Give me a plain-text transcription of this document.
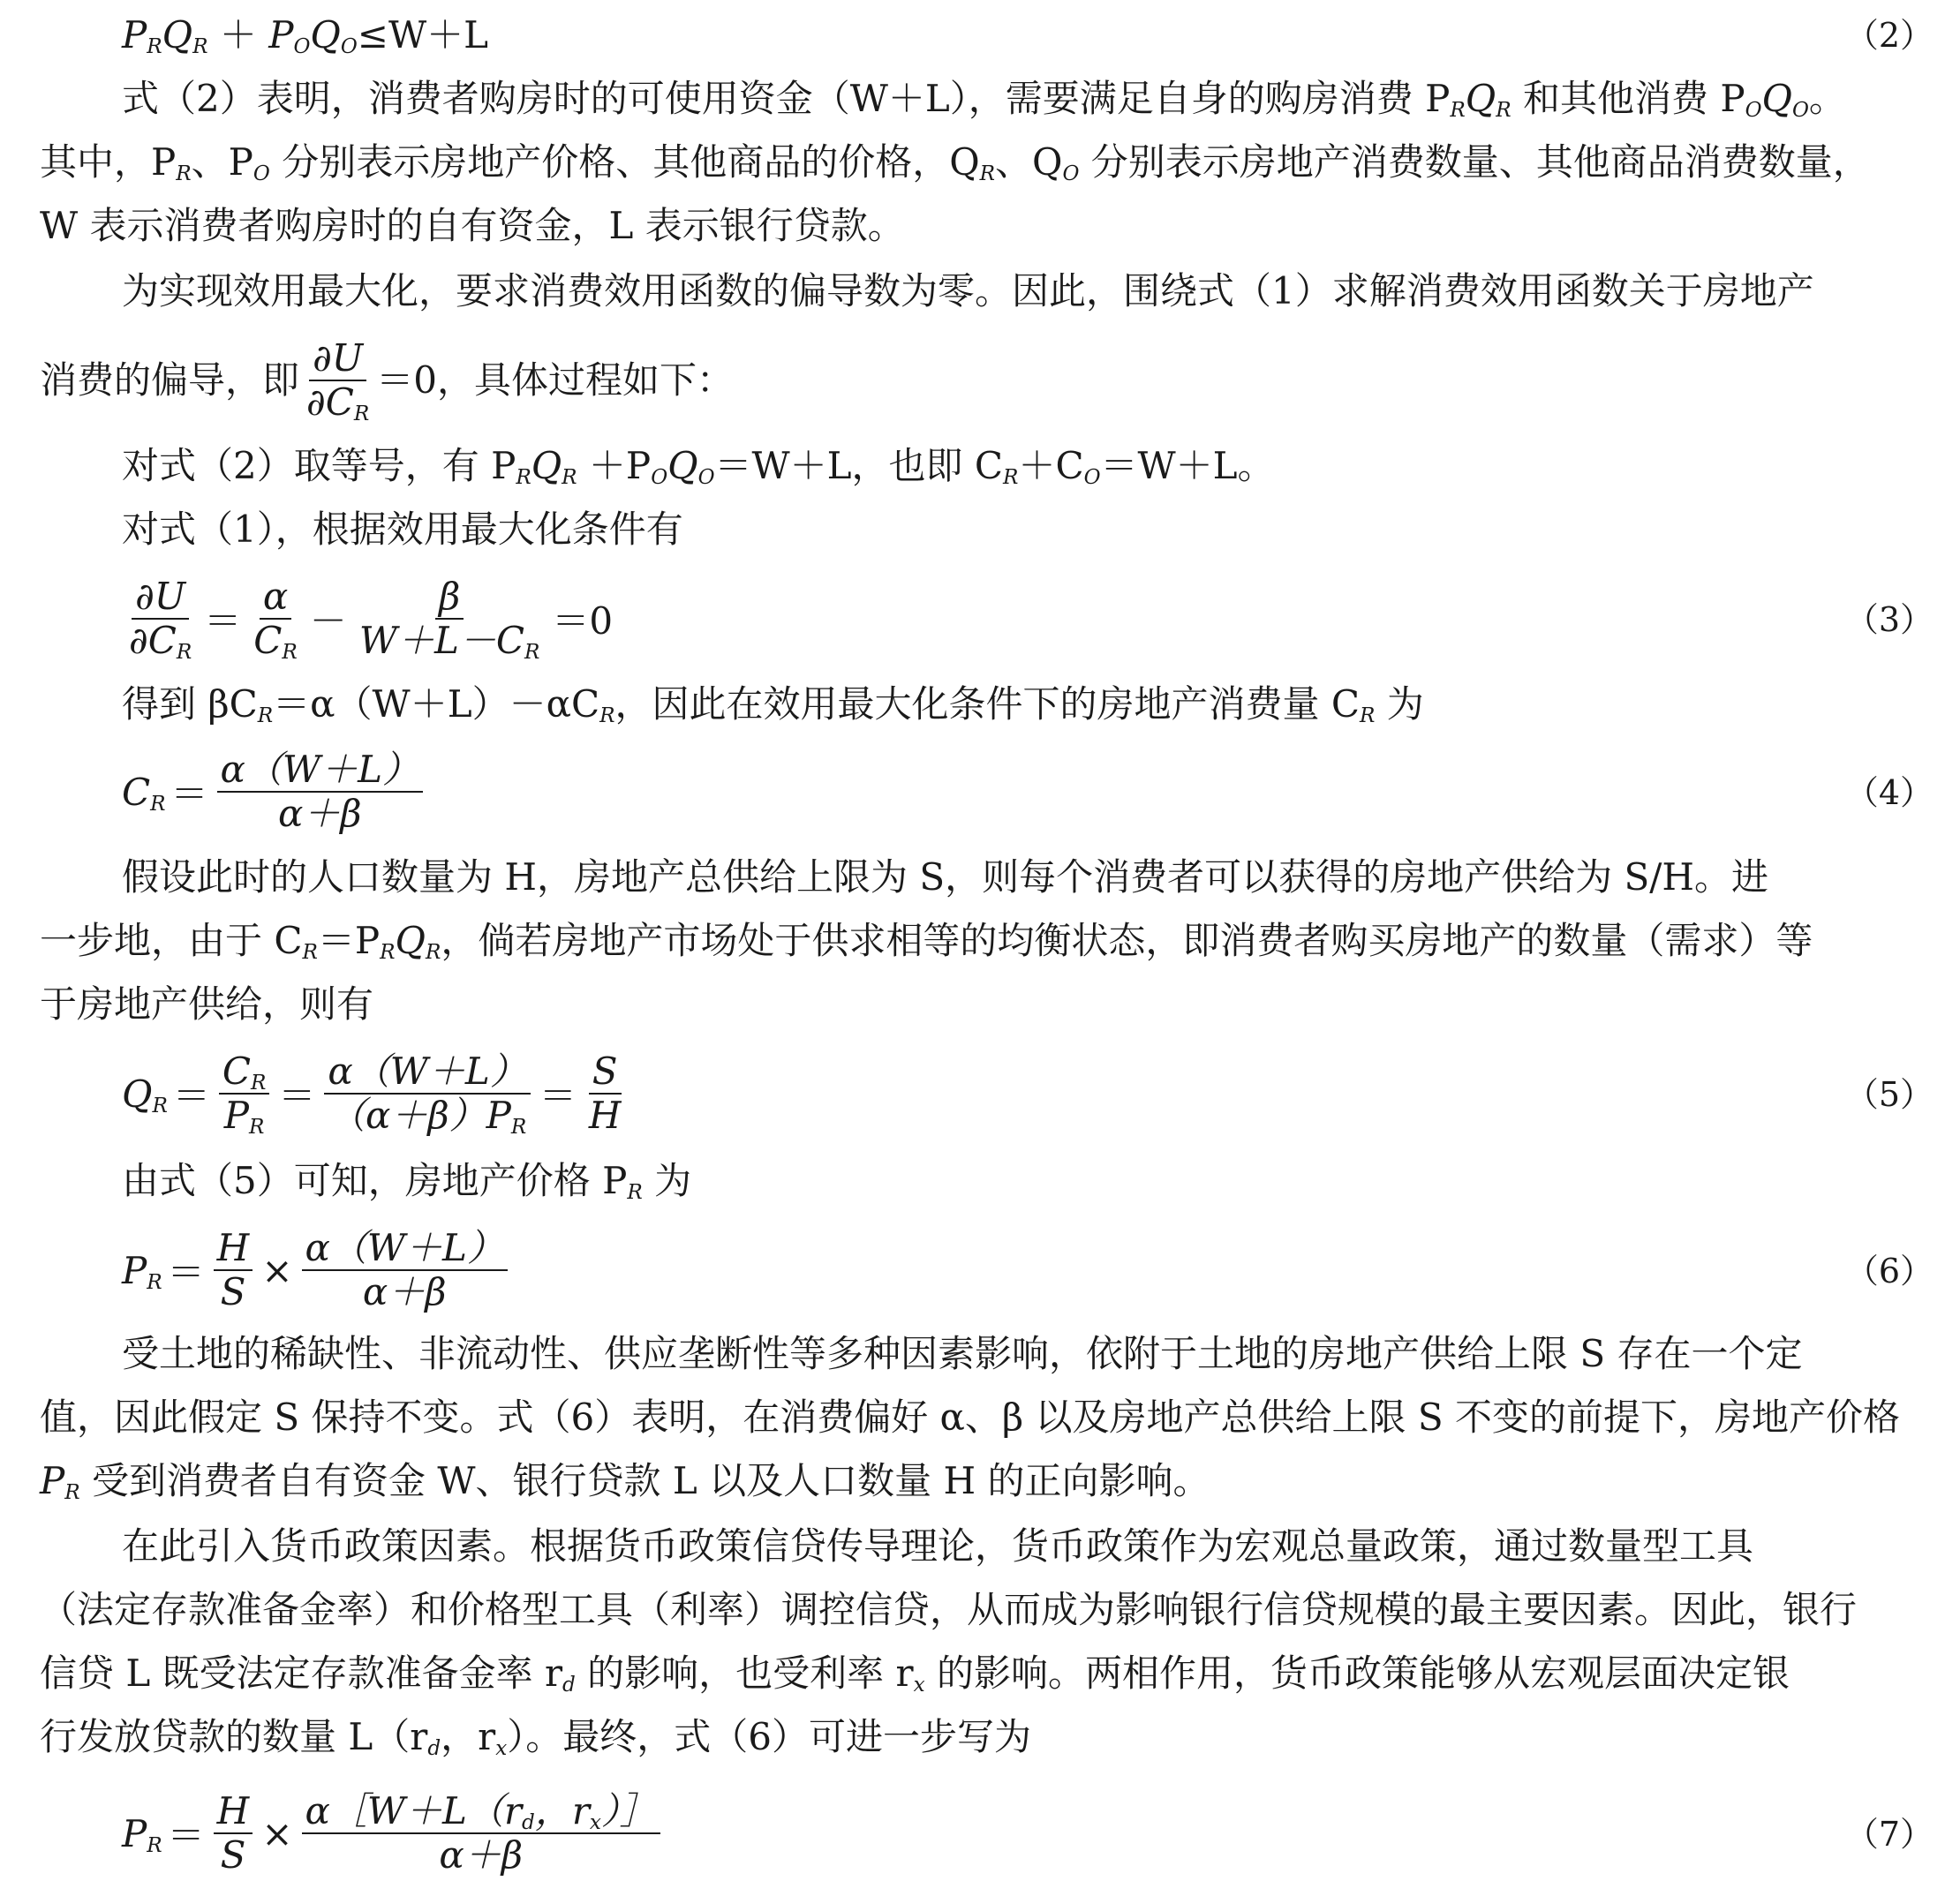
$P_RQ_R + P_OQ_O\le W+L$	（2）
式（2）表明，消费者购房时的可使用资金（W＋L），需要满足自身的购房消费 $P_RQ_R$ 和其他消费 $P_OQ_O$。
其中，$P_R$、$P_O$ 分别表示房地产价格、其他商品的价格，$Q_R$、$Q_O$ 分别表示房地产消费数量、其他商品消费数量，
W 表示消费者购房时的自有资金，L 表示银行贷款。
为实现效用最大化，要求消费效用函数的偏导数为零。因此，围绕式（1）求解消费效用函数关于房地产
消费的偏导，即 $\frac{\partial U}{\partial C_R} =0$，具体过程如下：
对式（2）取等号，有 $P_RQ_R +P_OQ_O=W+L$，也即 $C_R+C_O=W+L$。
对式（1），根据效用最大化条件有
$\frac{\partial U}{\partial C_R} = \frac{\alpha}{C_R} - \frac{\beta}{W+L-C_R} =0$	（3）
得到 $\beta C_R=\alpha(W+L)-\alpha C_R$，因此在效用最大化条件下的房地产消费量 $C_R$ 为
$C_R = \frac{\alpha(W+L)}{\alpha+\beta}$	（4）
假设此时的人口数量为 H，房地产总供给上限为 S，则每个消费者可以获得的房地产供给为 S/H。进
一步地，由于 $C_R=P_RQ_R$，倘若房地产市场处于供求相等的均衡状态，即消费者购买房地产的数量（需求）等
于房地产供给，则有
$Q_R = \frac{C_R}{P_R} = \frac{\alpha(W+L)}{(\alpha+\beta)P_R} = \frac{S}{H}$	（5）
由式（5）可知，房地产价格 $P_R$ 为
$P_R = \frac{H}{S} \times \frac{\alpha(W+L)}{\alpha+\beta}$	（6）
受土地的稀缺性、非流动性、供应垄断性等多种因素影响，依附于土地的房地产供给上限 S 存在一个定
值，因此假定 S 保持不变。式（6）表明，在消费偏好 α、β 以及房地产总供给上限 S 不变的前提下，房地产价格
$P_R$ 受到消费者自有资金 W、银行贷款 L 以及人口数量 H 的正向影响。
在此引入货币政策因素。根据货币政策信贷传导理论，货币政策作为宏观总量政策，通过数量型工具
（法定存款准备金率）和价格型工具（利率）调控信贷，从而成为影响银行信贷规模的最主要因素。因此，银行
信贷 L 既受法定存款准备金率 $r_d$ 的影响，也受利率 $r_x$ 的影响。两相作用，货币政策能够从宏观层面决定银
行发放贷款的数量 $L(r_d$，$r_x$）。最终，式（6）可进一步写为
$P_R = \frac{H}{S} \times \frac{\alpha[W+L(r_d,r_x)]}{\alpha+\beta}$	（7）
